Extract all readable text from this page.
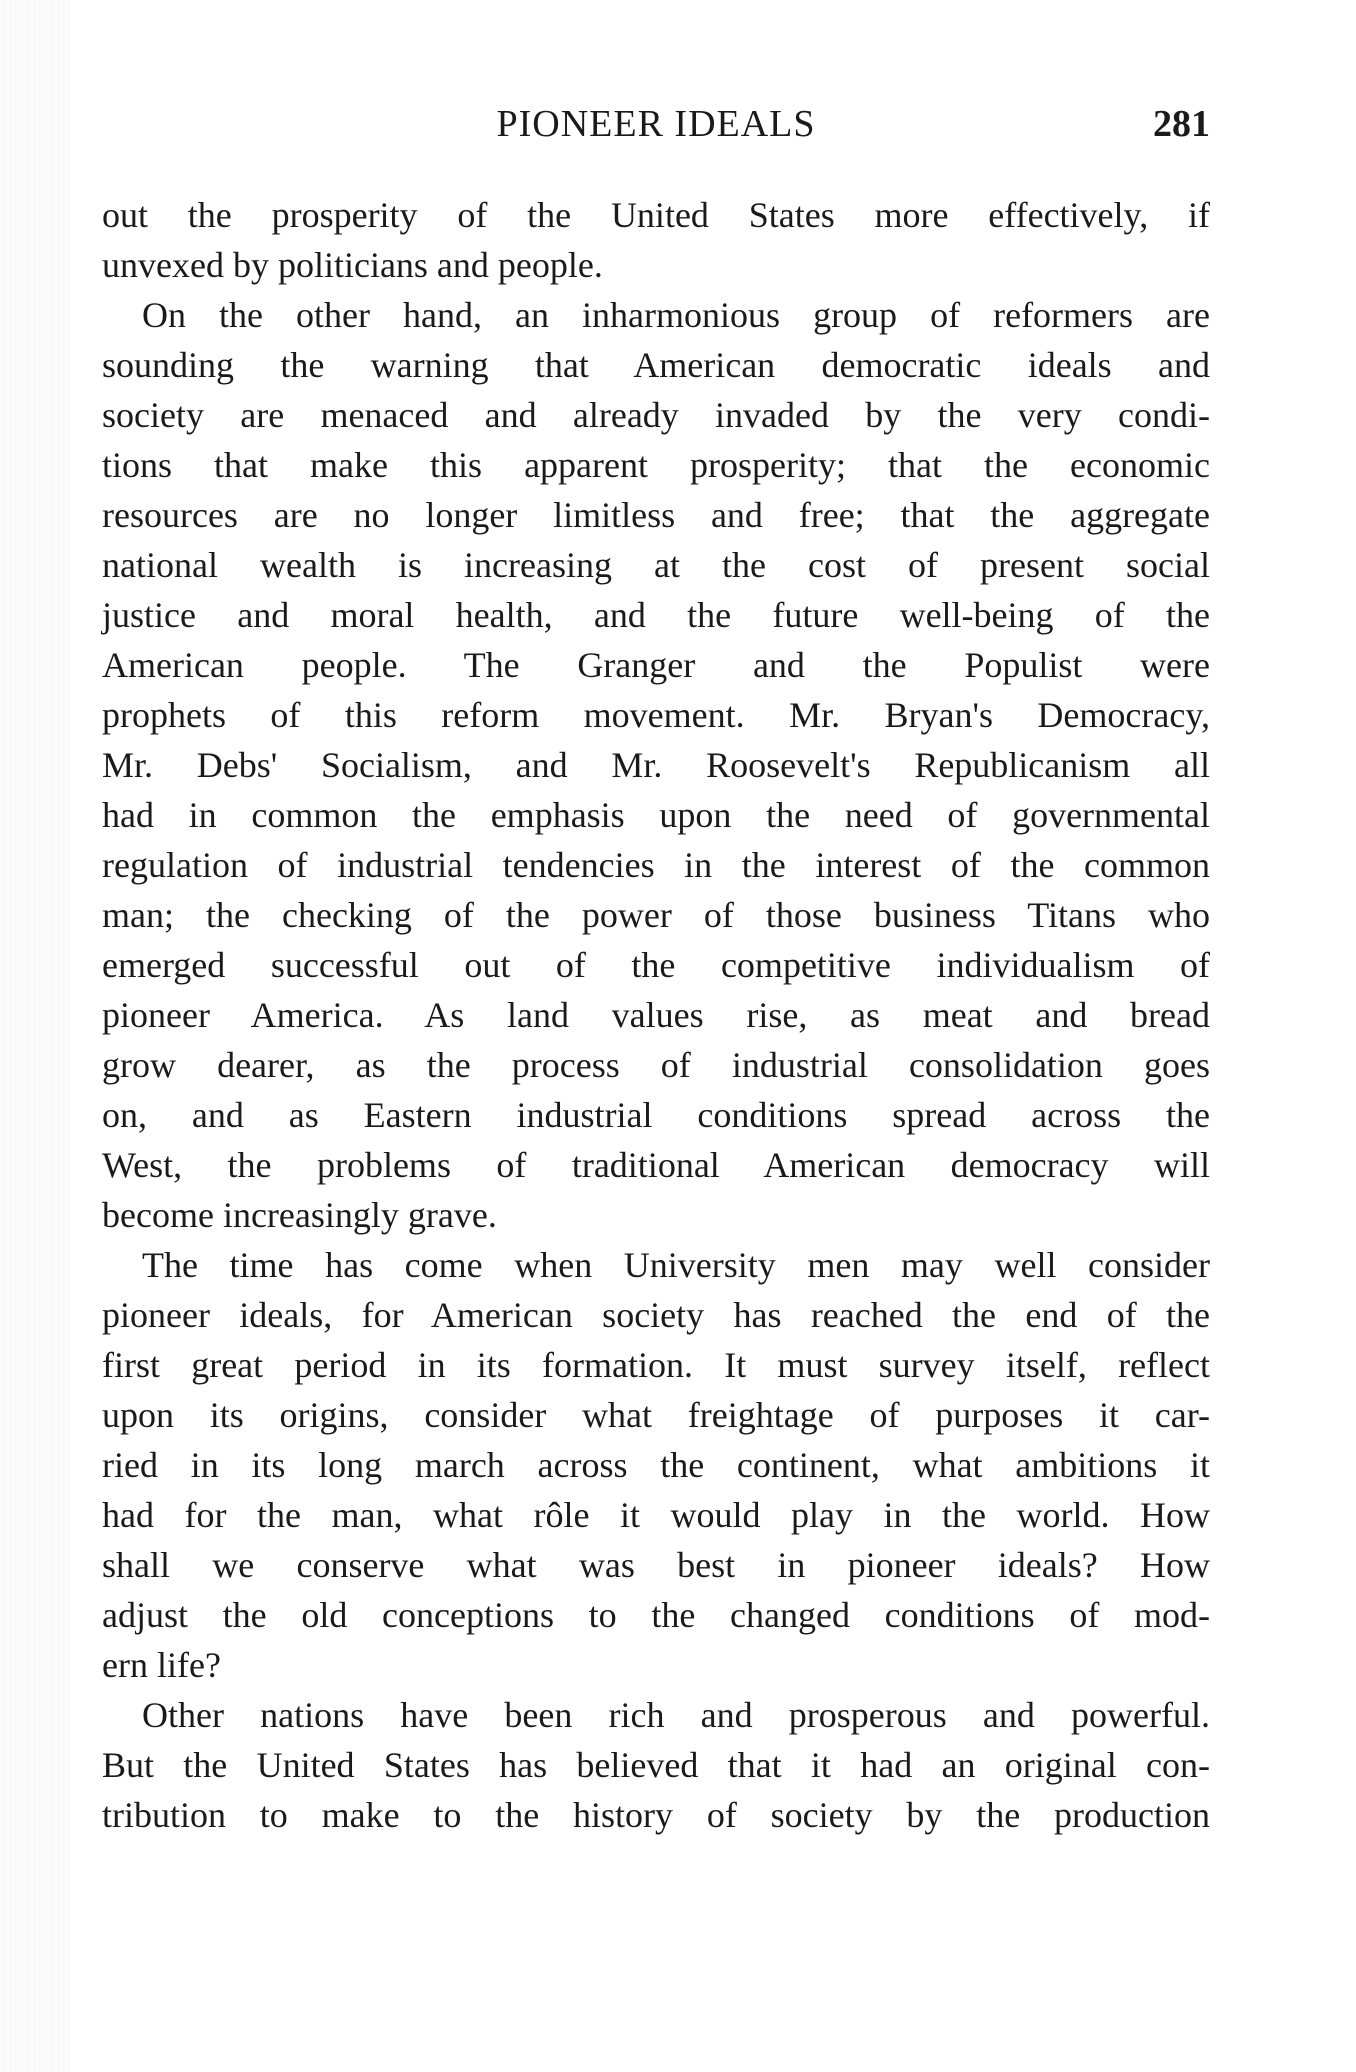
PIONEER IDEALS	281
out the prosperity of the United States more effectively, if
unvexed by politicians and people.
On the other hand, an inharmonious group of reformers are
sounding the warning that American democratic ideals and
society are menaced and already invaded by the very condi-
tions that make this apparent prosperity; that the economic
resources are no longer limitless and free; that the aggregate
national wealth is increasing at the cost of present social
justice and moral health, and the future well-being of the
American people. The Granger and the Populist were
prophets of this reform movement. Mr. Bryan's Democracy,
Mr. Debs' Socialism, and Mr. Roosevelt's Republicanism all
had in common the emphasis upon the need of governmental
regulation of industrial tendencies in the interest of the common
man; the checking of the power of those business Titans who
emerged successful out of the competitive individualism of
pioneer America. As land values rise, as meat and bread
grow dearer, as the process of industrial consolidation goes
on, and as Eastern industrial conditions spread across the
West, the problems of traditional American democracy will
become increasingly grave.
The time has come when University men may well consider
pioneer ideals, for American society has reached the end of the
first great period in its formation. It must survey itself, reflect
upon its origins, consider what freightage of purposes it car-
ried in its long march across the continent, what ambitions it
had for the man, what rôle it would play in the world. How
shall we conserve what was best in pioneer ideals? How
adjust the old conceptions to the changed conditions of mod-
ern life?
Other nations have been rich and prosperous and powerful.
But the United States has believed that it had an original con-
tribution to make to the history of society by the production
